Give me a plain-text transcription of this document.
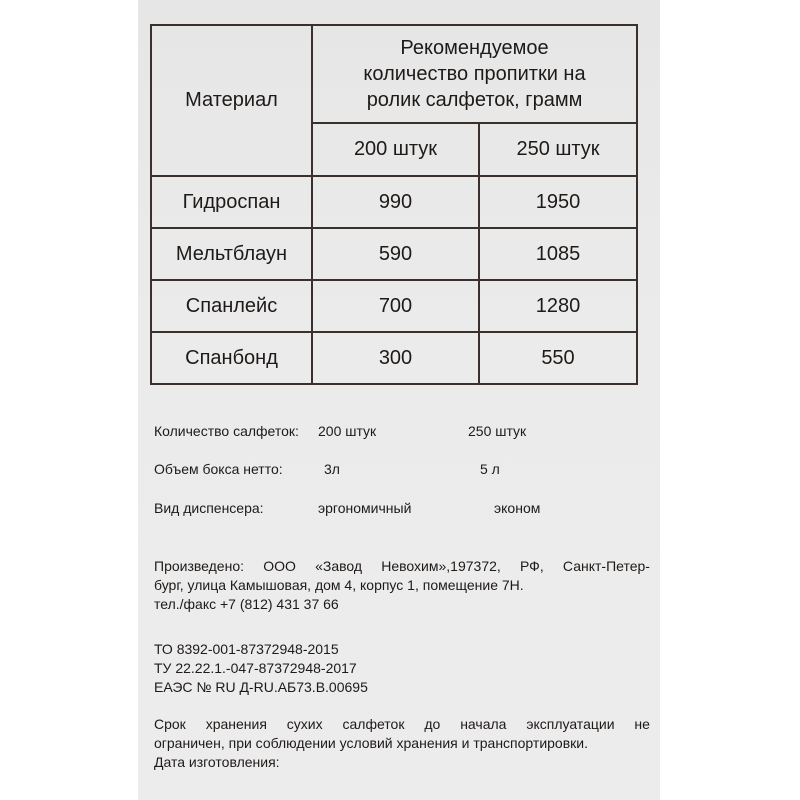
Материал	Рекомендуемое
количество пропитки на
ролик салфеток, грамм	

	200 штук	250 штук
Гидроспан	990	1950
Мельтблаун	590	1085
Спанлейс	700	1280
Спанбонд	300	550
Количество салфеток: 200 штук	250 штук
Объем бокса нетто:	3л	5 л
Вид диспенсера:	эргономичный	эконом
Произведено: ООО «Завод Невохим»,197372, РФ, Санкт-Петер-
бург, улица Камышовая, дом 4, корпус 1, помещение 7Н.
тел./факс +7 (812) 431 37 66
ТО 8392-001-87372948-2015
ТУ 22.22.1.-047-87372948-2017
ЕАЭС № RU Д-RU.АБ73.В.00695
Срок хранения сухих салфеток до начала эксплуатации не
ограничен, при соблюдении условий хранения и транспортировки.
Дата изготовления:
